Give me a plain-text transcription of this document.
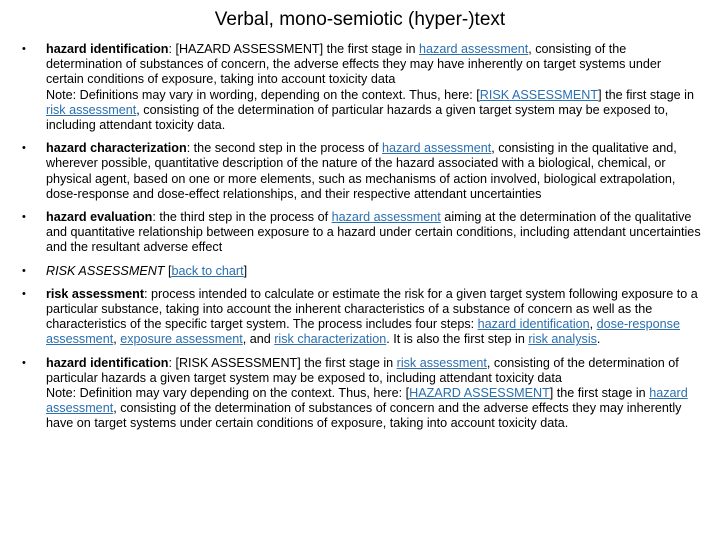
Verbal, mono-semiotic (hyper-)text
• hazard identification: [HAZARD ASSESSMENT] the first stage in hazard assessment, consisting of the determination of substances of concern, the adverse effects they may have inherently on target systems under certain conditions of exposure, taking into account toxicity data
Note: Definitions may vary in wording, depending on the context. Thus, here: [RISK ASSESSMENT] the first stage in risk assessment, consisting of the determination of particular hazards a given target system may be exposed to, including attendant toxicity data.
• hazard characterization: the second step in the process of hazard assessment, consisting in the qualitative and, wherever possible, quantitative description of the nature of the hazard associated with a biological, chemical, or physical agent, based on one or more elements, such as mechanisms of action involved, biological extrapolation, dose-response and dose-effect relationships, and their respective attendant uncertainties
• hazard evaluation: the third step in the process of hazard assessment aiming at the determination of the qualitative and quantitative relationship between exposure to a hazard under certain conditions, including attendant uncertainties and the resultant adverse effect
• RISK ASSESSMENT [back to chart]
• risk assessment: process intended to calculate or estimate the risk for a given target system following exposure to a particular substance, taking into account the inherent characteristics of a substance of concern as well as the characteristics of the specific target system. The process includes four steps: hazard identification, dose-response assessment, exposure assessment, and risk characterization. It is also the first step in risk analysis.
• hazard identification: [RISK ASSESSMENT] the first stage in risk assessment, consisting of the determination of particular hazards a given target system may be exposed to, including attendant toxicity data
Note: Definition may vary depending on the context. Thus, here: [HAZARD ASSESSMENT] the first stage in hazard assessment, consisting of the determination of substances of concern and the adverse effects they may inherently have on target systems under certain conditions of exposure, taking into account toxicity data.
